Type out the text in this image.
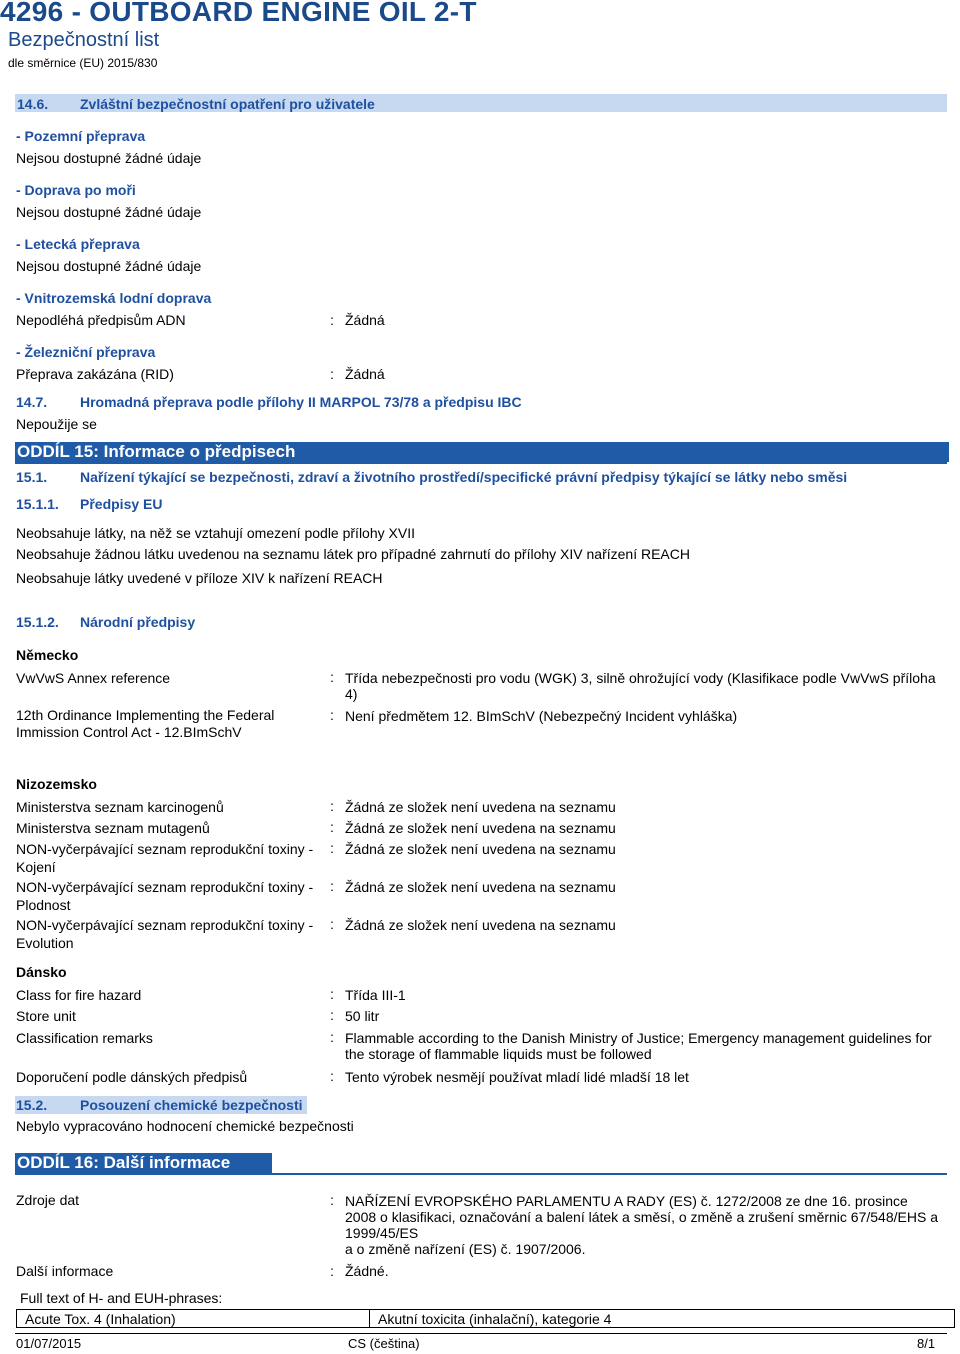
4296 - OUTBOARD ENGINE OIL 2-T
Bezpečnostní list
dle směrnice (EU) 2015/830
14.6. Zvláštní bezpečnostní opatření pro uživatele
- Pozemní přeprava
Nejsou dostupné žádné údaje
- Doprava po moři
Nejsou dostupné žádné údaje
- Letecká přeprava
Nejsou dostupné žádné údaje
- Vnitrozemská lodní doprava
Nepodléhá předpisům ADN	: Žádná
- Železniční přeprava
Přeprava zakázána (RID)	: Žádná
14.7. Hromadná přeprava podle přílohy II MARPOL 73/78 a předpisu IBC
Nepoužije se
ODDÍL 15: Informace o předpisech
15.1. Nařízení týkající se bezpečnosti, zdraví a životního prostředí/specifické právní předpisy týkající se látky nebo směsi
15.1.1. Předpisy EU
Neobsahuje látky, na něž se vztahují omezení podle přílohy XVII
Neobsahuje žádnou látku uvedenou na seznamu látek pro případné zahrnutí do přílohy XIV nařízení REACH
Neobsahuje látky uvedené v příloze XIV k nařízení REACH
15.1.2. Národní předpisy
Německo
VwVwS Annex reference	: Třída nebezpečnosti pro vodu (WGK) 3, silně ohrožující vody (Klasifikace podle VwVwS příloha 4)
12th Ordinance Implementing the Federal Immission Control Act - 12.BImSchV
: Není předmětem 12. BImSchV (Nebezpečný Incident vyhláška)
Nizozemsko
Ministerstva seznam karcinogenů	: Žádná ze složek není uvedena na seznamu
Ministerstva seznam mutagenů	: Žádná ze složek není uvedena na seznamu
NON-vyčerpávající seznam reprodukční toxiny - Kojení
: Žádná ze složek není uvedena na seznamu
NON-vyčerpávající seznam reprodukční toxiny - Plodnost
: Žádná ze složek není uvedena na seznamu
NON-vyčerpávající seznam reprodukční toxiny - Evolution
: Žádná ze složek není uvedena na seznamu
Dánsko
Class for fire hazard	: Třída III-1
Store unit	: 50 litr
Classification remarks	: Flammable according to the Danish Ministry of Justice; Emergency management guidelines for the storage of flammable liquids must be followed
Doporučení podle dánských předpisů	: Tento výrobek nesmějí používat mladí lidé mladší 18 let
15.2. Posouzení chemické bezpečnosti
Nebylo vypracováno hodnocení chemické bezpečnosti
ODDÍL 16: Další informace
Zdroje dat	: NAŘÍZENÍ EVROPSKÉHO PARLAMENTU A RADY (ES) č. 1272/2008 ze dne 16. prosince 2008 o klasifikaci, označování a balení látek a směsí, o změně a zrušení směrnic 67/548/EHS a 1999/45/ES
a o změně nařízení (ES) č. 1907/2006.
Další informace	: Žádné.
Full text of H- and EUH-phrases:
Acute Tox. 4 (Inhalation)	Akutní toxicita (inhalační), kategorie 4
01/07/2015	CS (čeština)	8/1
